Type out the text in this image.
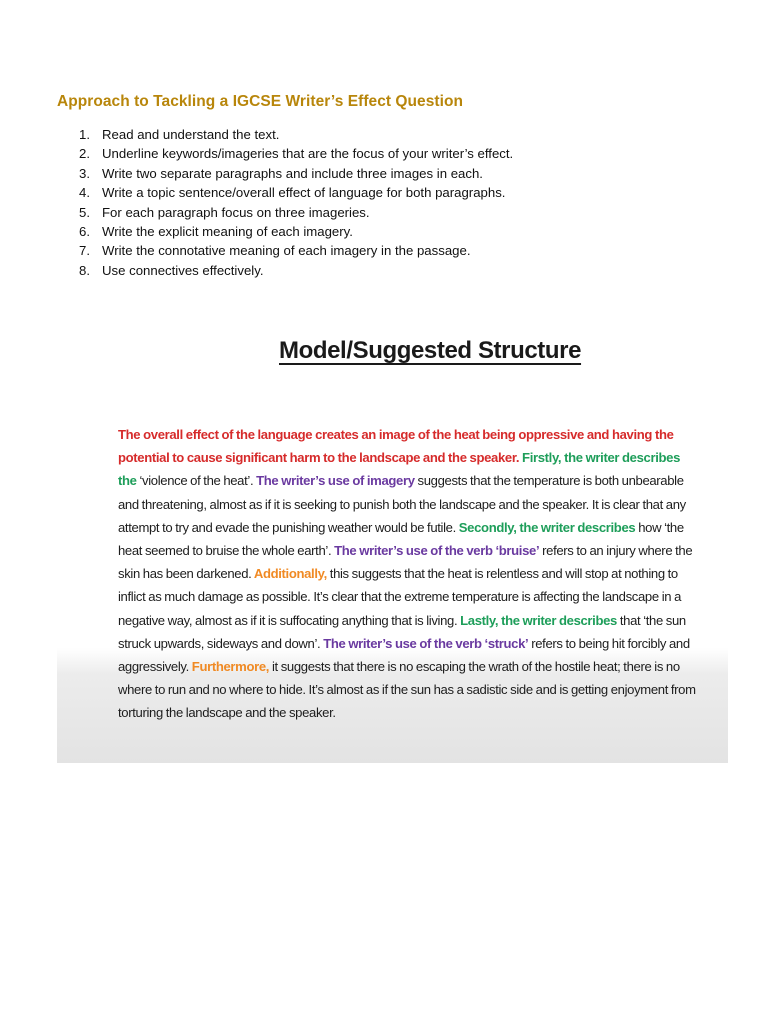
Approach to Tackling a IGCSE Writer’s Effect Question
1. Read and understand the text.
2. Underline keywords/imageries that are the focus of your writer’s effect.
3. Write two separate paragraphs and include three images in each.
4. Write a topic sentence/overall effect of language for both paragraphs.
5. For each paragraph focus on three imageries.
6. Write the explicit meaning of each imagery.
7. Write the connotative meaning of each imagery in the passage.
8. Use connectives effectively.
Model/Suggested Structure

The overall effect of the language creates an image of the heat being oppressive and having the potential to cause significant harm to the landscape and the speaker. Firstly, the writer describes the ‘violence of the heat’. The writer’s use of imagery suggests that the temperature is both unbearable and threatening, almost as if it is seeking to punish both the landscape and the speaker. It is clear that any attempt to try and evade the punishing weather would be futile. Secondly, the writer describes how ‘the heat seemed to bruise the whole earth’. The writer’s use of the verb ‘bruise’ refers to an injury where the skin has been darkened. Additionally, this suggests that the heat is relentless and will stop at nothing to inflict as much damage as possible. It’s clear that the extreme temperature is affecting the landscape in a negative way, almost as if it is suffocating anything that is living. Lastly, the writer describes that ‘the sun struck upwards, sideways and down’. The writer’s use of the verb ‘struck’ refers to being hit forcibly and aggressively. Furthermore, it suggests that there is no escaping the wrath of the hostile heat; there is no where to run and no where to hide. It’s almost as if the sun has a sadistic side and is getting enjoyment from torturing the landscape and the speaker.
